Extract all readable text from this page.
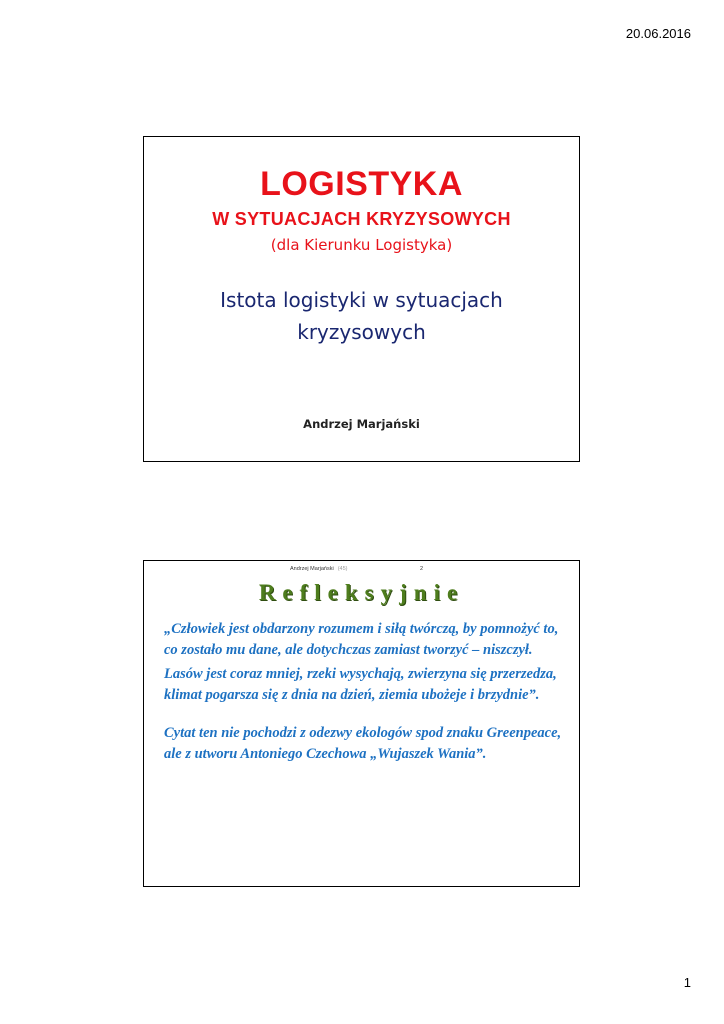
20.06.2016
LOGISTYKA
W SYTUACJACH KRYZYSOWYCH
(dla Kierunku Logistyka)
Istota logistyki w sytuacjach
kryzysowych
Andrzej Marjański
Andrzej Marjański (45)	2
Refleksyjnie

„Człowiek jest obdarzony rozumem i siłą twórczą, by pomnożyć to, co zostało mu dane, ale dotychczas zamiast tworzyć – niszczył.

Lasów jest coraz mniej, rzeki wysychają, zwierzyna się przerzedza, klimat pogarsza się z dnia na dzień, ziemia ubożeje i brzydnie”.

Cytat ten nie pochodzi z odezwy ekologów spod znaku Greenpeace, ale z utworu Antoniego Czechowa „Wujaszek Wania”.

1
